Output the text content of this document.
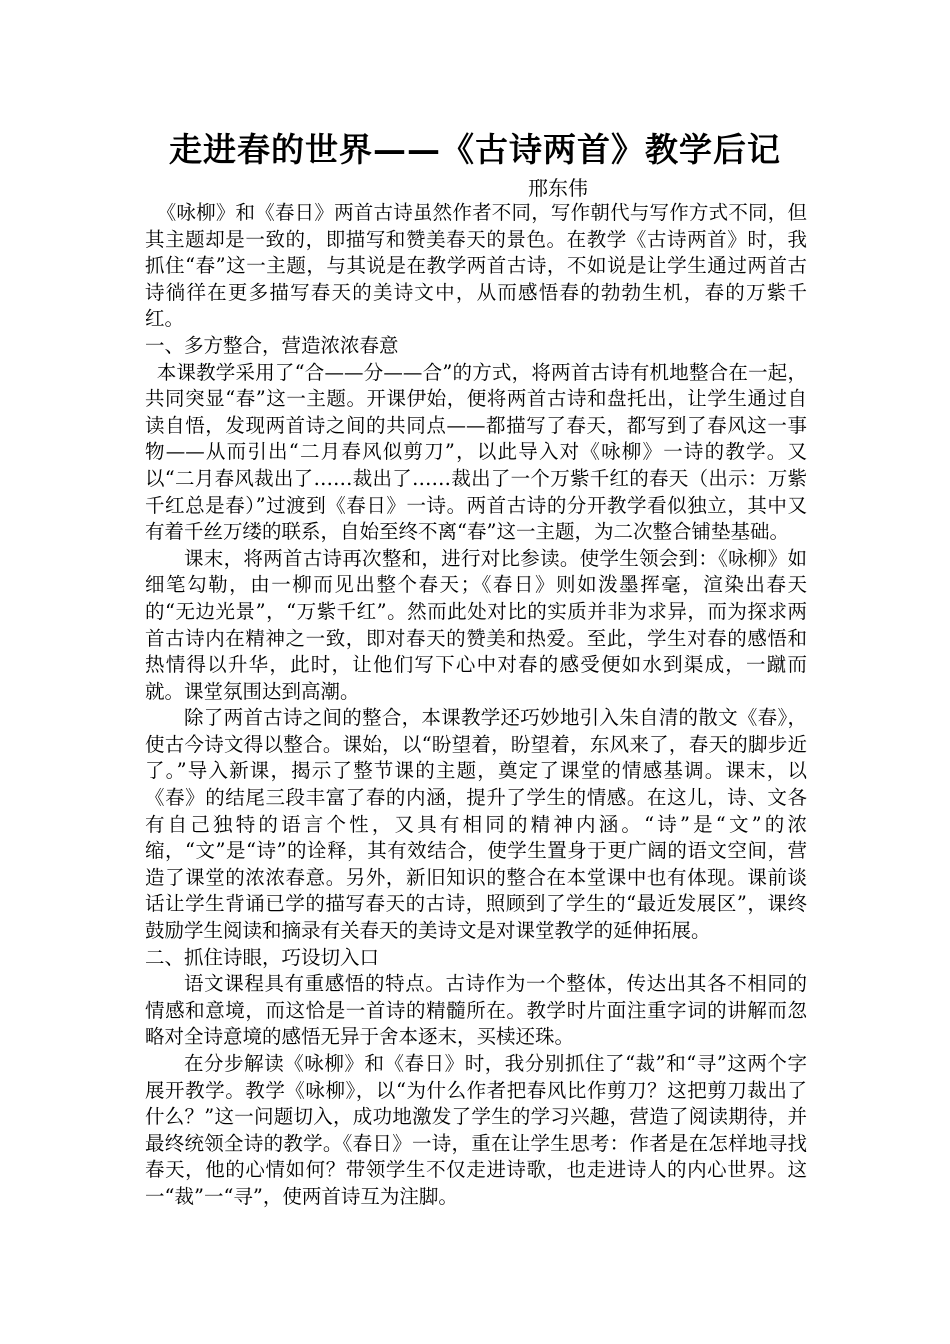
走进春的世界——《古诗两首》教学后记
邢东伟

《咏柳》和《春日》两首古诗虽然作者不同，写作朝代与写作方式不同，但其主题却是一致的，即描写和赞美春天的景色。在教学《古诗两首》时，我抓住“春”这一主题，与其说是在教学两首古诗，不如说是让学生通过两首古诗徜徉在更多描写春天的美诗文中，从而感悟春的勃勃生机，春的万紫千红。

一、多方整合，营造浓浓春意

本课教学采用了“合——分——合”的方式，将两首古诗有机地整合在一起，共同突显“春”这一主题。开课伊始，便将两首古诗和盘托出，让学生通过自读自悟，发现两首诗之间的共同点——都描写了春天，都写到了春风这一事物——从而引出“二月春风似剪刀”，以此导入对《咏柳》一诗的教学。又以“二月春风裁出了……裁出了……裁出了一个万紫千红的春天（出示：万紫千红总是春）”过渡到《春日》一诗。两首古诗的分开教学看似独立，其中又有着千丝万缕的联系，自始至终不离“春”这一主题，为二次整合铺垫基础。

课末，将两首古诗再次整和，进行对比参读。使学生领会到：《咏柳》如细笔勾勒，由一柳而见出整个春天；《春日》则如泼墨挥毫，渲染出春天的“无边光景”，“万紫千红”。然而此处对比的实质并非为求异，而为探求两首古诗内在精神之一致，即对春天的赞美和热爱。至此，学生对春的感悟和热情得以升华，此时，让他们写下心中对春的感受便如水到渠成，一蹴而就。课堂氛围达到高潮。

除了两首古诗之间的整合，本课教学还巧妙地引入朱自清的散文《春》，使古今诗文得以整合。课始，以“盼望着，盼望着，东风来了，春天的脚步近了。”导入新课，揭示了整节课的主题，奠定了课堂的情感基调。课末，以《春》的结尾三段丰富了春的内涵，提升了学生的情感。在这儿，诗、文各有自己独特的语言个性，又具有相同的精神内涵。“诗”是“文”的浓缩，“文”是“诗”的诠释，其有效结合，使学生置身于更广阔的语文空间，营造了课堂的浓浓春意。另外，新旧知识的整合在本堂课中也有体现。课前谈话让学生背诵已学的描写春天的古诗，照顾到了学生的“最近发展区”，课终鼓励学生阅读和摘录有关春天的美诗文是对课堂教学的延伸拓展。

二、抓住诗眼，巧设切入口

语文课程具有重感悟的特点。古诗作为一个整体，传达出其各不相同的情感和意境，而这恰是一首诗的精髓所在。教学时片面注重字词的讲解而忽略对全诗意境的感悟无异于舍本逐末，买椟还珠。

在分步解读《咏柳》和《春日》时，我分别抓住了“裁”和“寻”这两个字展开教学。教学《咏柳》，以“为什么作者把春风比作剪刀？这把剪刀裁出了什么？”这一问题切入，成功地激发了学生的学习兴趣，营造了阅读期待，并最终统领全诗的教学。《春日》一诗，重在让学生思考：作者是在怎样地寻找春天，他的心情如何？带领学生不仅走进诗歌，也走进诗人的内心世界。这一“裁”一“寻”，使两首诗互为注脚。
